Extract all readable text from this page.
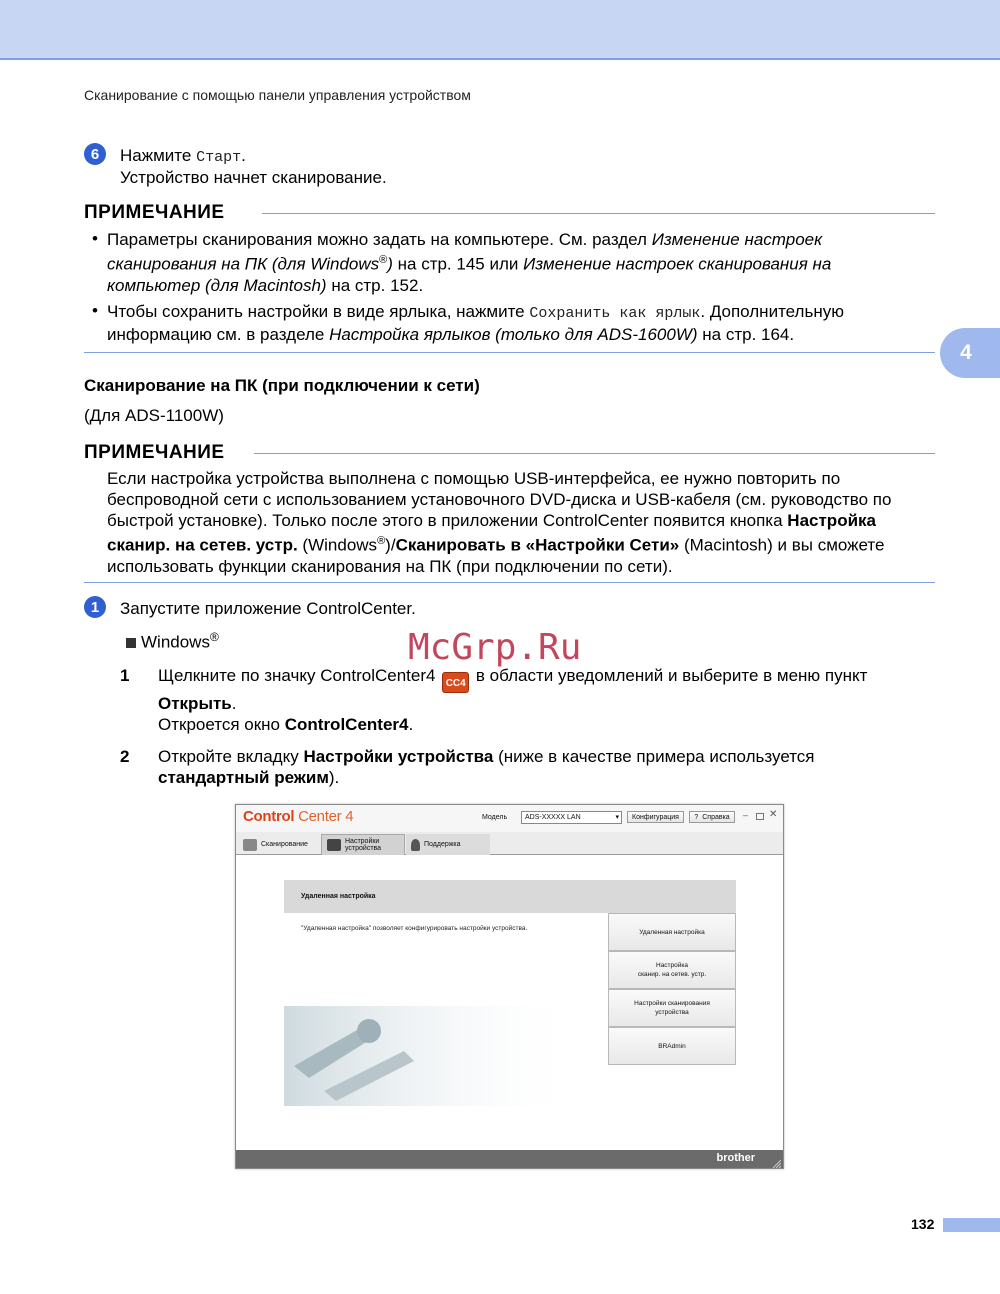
Сканирование с помощью панели управления устройством
6	Нажмите Старт.
Устройство начнет сканирование.
ПРИМЕЧАНИЕ
• Параметры сканирования можно задать на компьютере. См. раздел Изменение настроек
сканирования на ПК (для Windows®) на стр. 145 или Изменение настроек сканирования на
компьютер (для Macintosh) на стр. 152.
• Чтобы сохранить настройки в виде ярлыка, нажмите Сохранить как ярлык. Дополнительную
информацию см. в разделе Настройка ярлыков (только для ADS-1600W) на стр. 164.
4
Сканирование на ПК (при подключении к сети)
(Для ADS-1100W)
ПРИМЕЧАНИЕ
Если настройка устройства выполнена с помощью USB-интерфейса, ее нужно повторить по
беспроводной сети с использованием установочного DVD-диска и USB-кабеля (см. руководство по
быстрой установке). Только после этого в приложении ControlCenter появится кнопка Настройка
сканир. на сетев. устр. (Windows®)/Сканировать в «Настройки Сети» (Macintosh) и вы сможете
использовать функции сканирования на ПК (при подключении по сети).
1	Запустите приложение ControlCenter.
Windows®	McGrp.Ru
1 Щелкните по значку ControlCenter4 CC4 в области уведомлений и выберите в меню пункт
Открыть.
Откроется окно ControlCenter4.
2 Откройте вкладку Настройки устройства (ниже в качестве примера используется
стандартный режим).
Control Center 4	Модель	ADS-XXXXX LAN	▾	Конфигурация	? Справка – ✕
Сканирование	Настройки устройства
Поддержка
Удаленная настройка
"Удаленная настройка" позволяет конфигурировать настройки устройства.	Удаленная настройка
Настройка
сканир. на сетев. устр.
Настройки сканирования
устройства
BRAdmin
brother
132
